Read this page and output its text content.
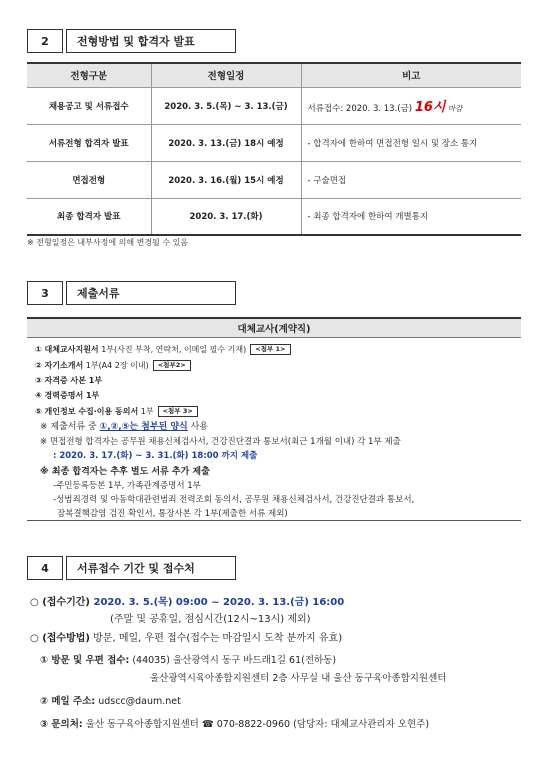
2	전형방법 및 합격자 발표
전형구분	전형일정	비고
채용공고 및 서류접수	2020. 3. 5.(목) ~ 3. 13.(금)	서류접수: 2020. 3. 13.(금) 16시 마감
서류전형 합격자 발표	2020. 3. 13.(금) 18시 예정	- 합격자에 한하여 면접전형 일시 및 장소 통지
면접전형	2020. 3. 16.(월) 15시 예정	- 구술면접
최종 합격자 발표	2020. 3. 17.(화)	- 최종 합격자에 한하여 개별통지
※ 전형일정은 내부사정에 의해 변경될 수 있음
3	제출서류
대체교사(계약직)
① 대체교사지원서 1부(사진 부착, 연락처, 이메일 필수 기재) <첨부 1>
② 자기소개서 1부(A4 2장 이내) <첨부2>
③ 자격증 사본 1부
④ 경력증명서 1부
⑤ 개인정보 수집·이용 동의서 1부 <첨부 3>
※ 제출서류 중 ①,②,⑤는 첨부된 양식 사용
※ 면접전형 합격자는 공무원 채용신체검사서, 건강진단결과 통보서(최근 1개월 이내) 각 1부 제출
: 2020. 3. 17.(화) ~ 3. 31.(화) 18:00 까지 제출
※ 최종 합격자는 추후 별도 서류 추가 제출
-주민등록등본 1부, 가족관계증명서 1부
-성범죄경력 및 아동학대관련범죄 전력조회 동의서, 공무원 채용신체검사서, 건강진단결과 통보서,
잠복결핵감염 검진 확인서, 통장사본 각 1부(제출한 서류 제외)
4	서류접수 기간 및 접수처
○ (접수기간) 2020. 3. 5.(목) 09:00 ~ 2020. 3. 13.(금) 16:00
(주말 및 공휴일, 점심시간(12시~13시) 제외)
○ (접수방법) 방문, 메일, 우편 접수(접수는 마감일시 도착 분까지 유효)
① 방문 및 우편 접수: (44035) 울산광역시 동구 바드래1길 61(전하동)
울산광역시육아종합지원센터 2층 사무실 내 울산 동구육아종합지원센터
② 메일 주소: udscc@daum.net
③ 문의처: 울산 동구육아종합지원센터 ☎ 070-8822-0960 (담당자: 대체교사관리자 오현주)
